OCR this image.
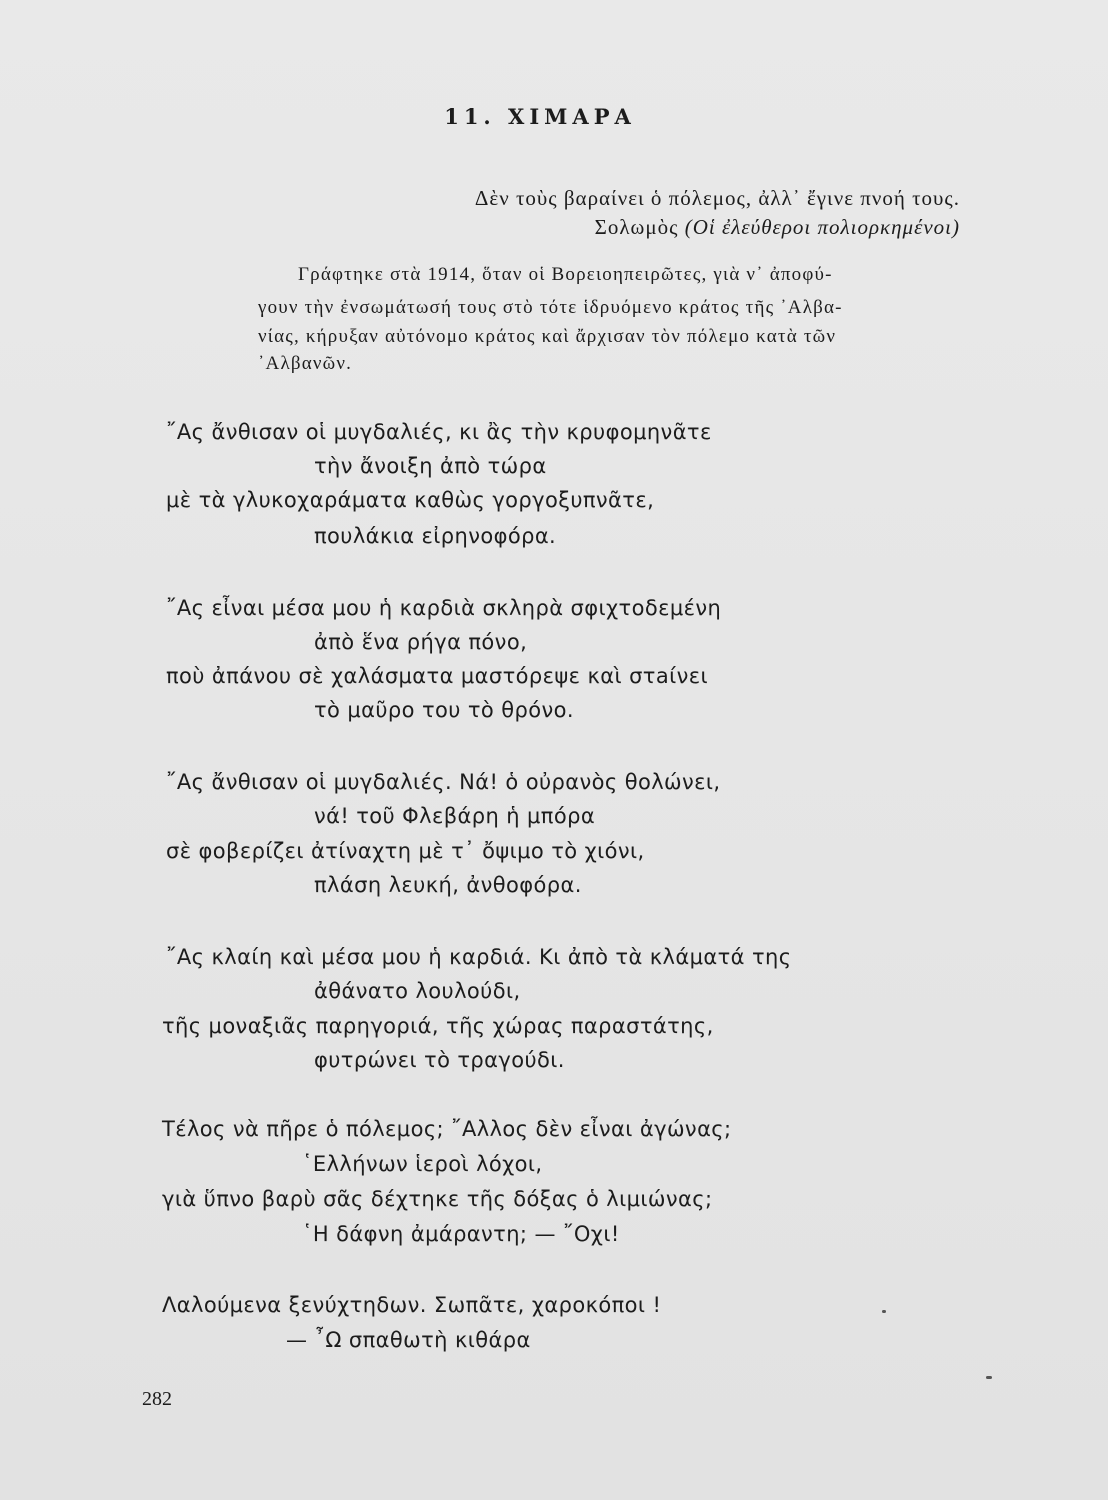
11. ΧΙΜΑΡΑ
Δὲν τοὺς βαραίνει ὁ πόλεμος, ἀλλ᾽ ἔγινε πνοή τους.
Σολωμὸς (Οἱ ἐλεύθεροι πολιορκημένοι)
Γράφτηκε στὰ 1914, ὅταν οἱ Βορειοηπειρῶτες, γιὰ ν᾽ ἀποφύ-
γουν τὴν ἐνσωμάτωσή τους στὸ τότε ἱδρυόμενο κράτος τῆς ᾿Αλβα-
νίας, κήρυξαν αὐτόνομο κράτος καὶ ἄρχισαν τὸν πόλεμο κατὰ τῶν
᾿Αλβανῶν.
῎Ας ἄνθισαν οἱ μυγδαλιές, κι ἂς τὴν κρυφομηνᾶτε
τὴν ἄνοιξη ἀπὸ τώρα
μὲ τὰ γλυκοχαράματα καθὼς γοργοξυπνᾶτε,
πουλάκια εἰρηνοφόρα.
῎Ας εἶναι μέσα μου ἡ καρδιὰ σκληρὰ σφιχτοδεμένη
ἀπὸ ἕνα ρήγα πόνο,
ποὺ ἀπάνου σὲ χαλάσματα μαστόρεψε καὶ στaίνει
τὸ μαῦρο του τὸ θρόνο.
῎Ας ἄνθισαν οἱ μυγδαλιές. Νά! ὁ οὐρανὸς θολώνει,
νά! τοῦ Φλεβάρη ἡ μπόρα
σὲ φοβερίζει ἀτίναχτη μὲ τ᾽ ὄψιμο τὸ χιόνι,
πλάση λευκή, ἀνθοφόρα.
῎Ας κλαίη καὶ μέσα μου ἡ καρδιά. Κι ἀπὸ τὰ κλάματά της
ἀθάνατο λουλούδι,
τῆς μοναξιᾶς παρηγοριά, τῆς χώρας παραστάτης,
φυτρώνει τὸ τραγούδι.
Τέλος νὰ πῆρε ὁ πόλεμος; ῎Αλλος δὲν εἶναι ἀγώνας;
῾Ελλήνων ἱεροὶ λόχοι,
γιὰ ὕπνο βαρὺ σᾶς δέχτηκε τῆς δόξας ὁ λιμιώνας;
῾Η δάφνη ἀμάραντη; — ῎Οχι!
Λαλούμενα ξενύχτηδων. Σωπᾶτε, χαροκόποι !
— ῏Ω σπαθωτὴ κιθάρα
282
